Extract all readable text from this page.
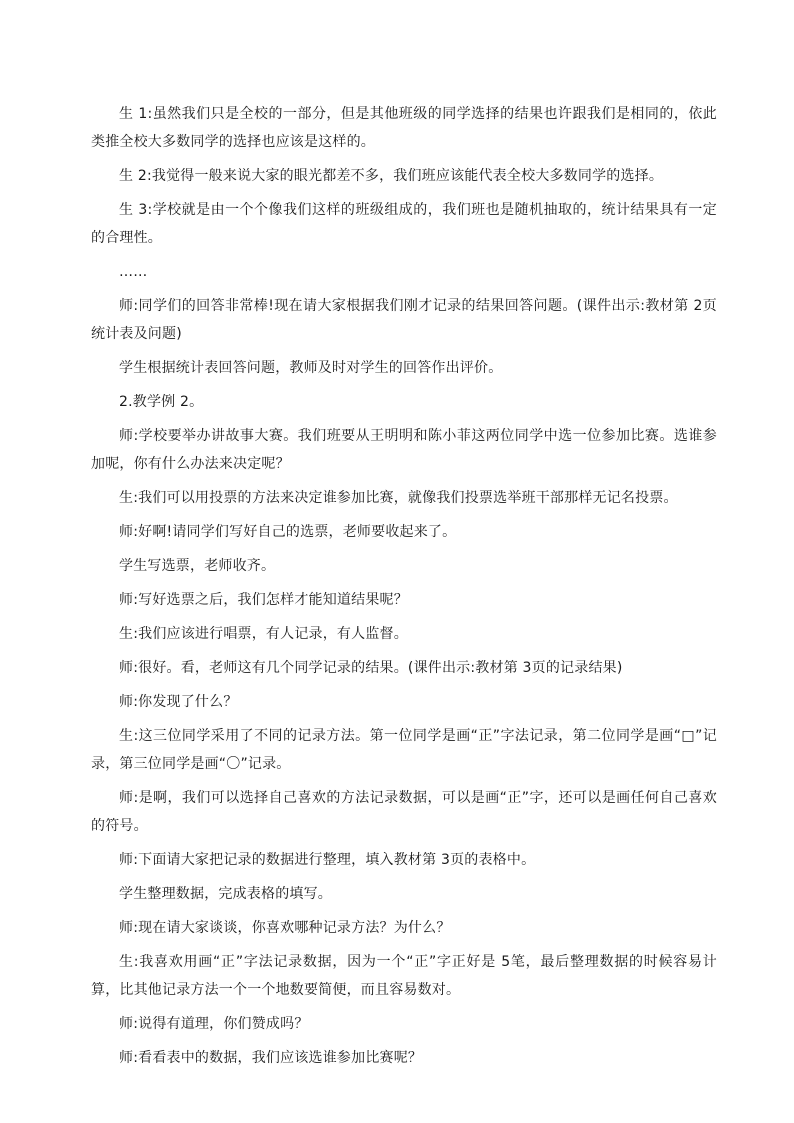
生 1:虽然我们只是全校的一部分，但是其他班级的同学选择的结果也许跟我们是相同的，依此类推全校大多数同学的选择也应该是这样的。

生 2:我觉得一般来说大家的眼光都差不多，我们班应该能代表全校大多数同学的选择。

生 3:学校就是由一个个像我们这样的班级组成的，我们班也是随机抽取的，统计结果具有一定的合理性。

……

师:同学们的回答非常棒!现在请大家根据我们刚才记录的结果回答问题。(课件出示:教材第 2页统计表及问题)

学生根据统计表回答问题，教师及时对学生的回答作出评价。

2.教学例 2。

师:学校要举办讲故事大赛。我们班要从王明明和陈小菲这两位同学中选一位参加比赛。选谁参加呢，你有什么办法来决定呢？

生:我们可以用投票的方法来决定谁参加比赛，就像我们投票选举班干部那样无记名投票。

师:好啊!请同学们写好自己的选票，老师要收起来了。

学生写选票，老师收齐。

师:写好选票之后，我们怎样才能知道结果呢？

生:我们应该进行唱票，有人记录，有人监督。

师:很好。看，老师这有几个同学记录的结果。(课件出示:教材第 3页的记录结果)

师:你发现了什么？

生:这三位同学采用了不同的记录方法。第一位同学是画“正”字法记录，第二位同学是画“□”记录，第三位同学是画“〇”记录。

师:是啊，我们可以选择自己喜欢的方法记录数据，可以是画“正”字，还可以是画任何自己喜欢的符号。

师:下面请大家把记录的数据进行整理，填入教材第 3页的表格中。

学生整理数据，完成表格的填写。

师:现在请大家谈谈，你喜欢哪种记录方法？为什么？

生:我喜欢用画“正”字法记录数据，因为一个“正”字正好是 5笔，最后整理数据的时候容易计算，比其他记录方法一个一个地数要简便，而且容易数对。

师:说得有道理，你们赞成吗？

师:看看表中的数据，我们应该选谁参加比赛呢？
